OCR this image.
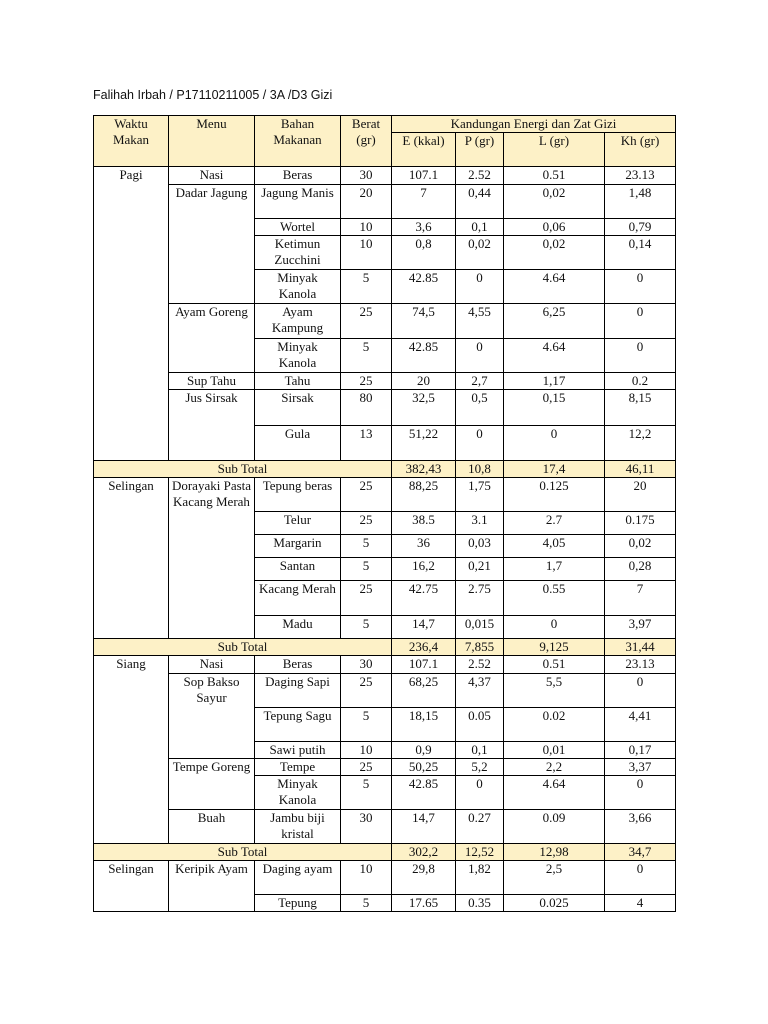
Falihah Irbah / P17110211005 / 3A /D3 Gizi
Waktu Makan	Menu	Bahan Makanan	Berat (gr)	Kandungan Energi dan Zat Gizi			
				E (kkal)	P (gr)	L (gr)	Kh (gr)
Pagi	Nasi	Beras	30	107.1	2.52	0.51	23.13
	Dadar Jagung	Jagung Manis	20	7	0,44	0,02	1,48
		Wortel	10	3,6	0,1	0,06	0,79
		Ketimun Zucchini	10	0,8	0,02	0,02	0,14
		Minyak Kanola	5	42.85	0	4.64	0
	Ayam Goreng	Ayam Kampung	25	74,5	4,55	6,25	0
		Minyak Kanola	5	42.85	0	4.64	0
	Sup Tahu	Tahu	25	20	2,7	1,17	0.2
	Jus Sirsak	Sirsak	80	32,5	0,5	0,15	8,15
		Gula	13	51,22	0	0	12,2
Sub Total				382,43	10,8	17,4	46,11
Selingan	Dorayaki Pasta Kacang Merah	Tepung beras	25	88,25	1,75	0.125	20
		Telur	25	38.5	3.1	2.7	0.175
		Margarin	5	36	0,03	4,05	0,02
		Santan	5	16,2	0,21	1,7	0,28
		Kacang Merah	25	42.75	2.75	0.55	7
		Madu	5	14,7	0,015	0	3,97
Sub Total				236,4	7,855	9,125	31,44
Siang	Nasi	Beras	30	107.1	2.52	0.51	23.13
	Sop Bakso Sayur	Daging Sapi	25	68,25	4,37	5,5	0
		Tepung Sagu	5	18,15	0.05	0.02	4,41
		Sawi putih	10	0,9	0,1	0,01	0,17
	Tempe Goreng	Tempe	25	50,25	5,2	2,2	3,37
		Minyak Kanola	5	42.85	0	4.64	0
	Buah	Jambu biji kristal	30	14,7	0.27	0.09	3,66
Sub Total				302,2	12,52	12,98	34,7
Selingan	Keripik Ayam	Daging ayam	10	29,8	1,82	2,5	0
		Tepung	5	17.65	0.35	0.025	4
